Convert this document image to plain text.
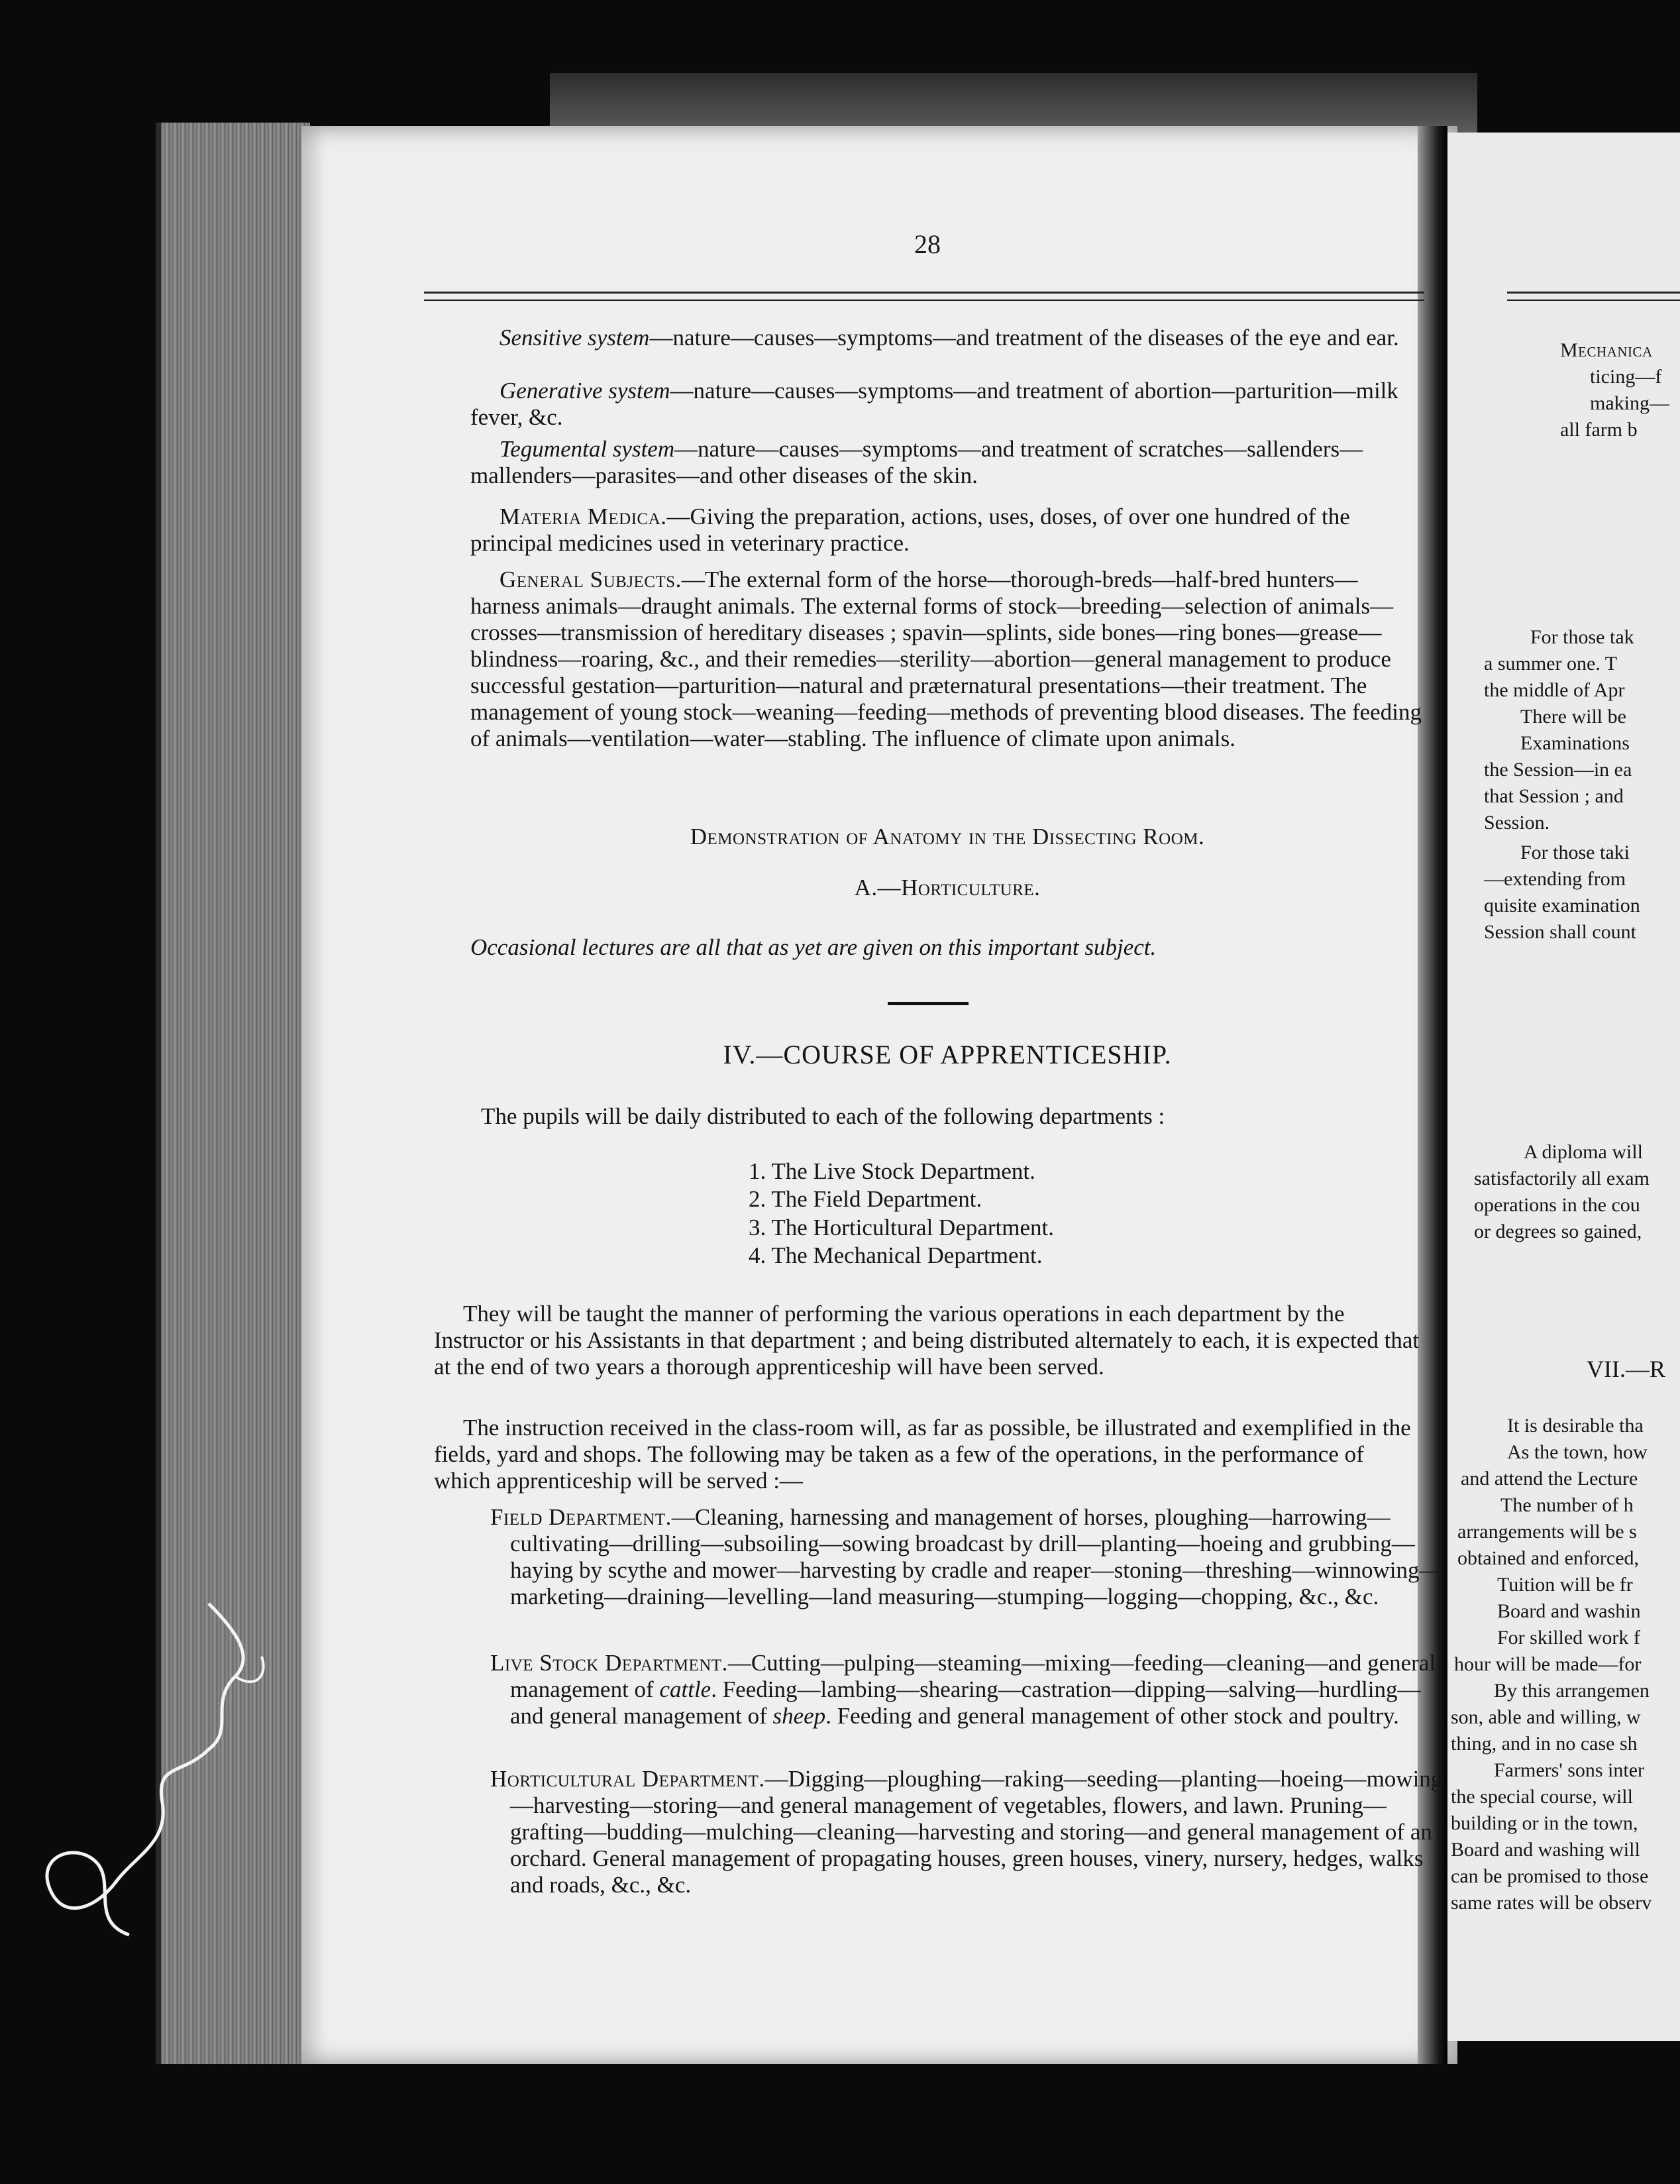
28
Sensitive system—nature—causes—symptoms—and treatment of the diseases of the eye and ear.
Generative system—nature—causes—symptoms—and treatment of abortion—parturition—milk fever, &c.
Tegumental system—nature—causes—symptoms—and treatment of scratches—sallenders—mallenders—parasites—and other diseases of the skin.
Materia Medica.—Giving the preparation, actions, uses, doses, of over one hundred of the principal medicines used in veterinary practice.
General Subjects.—The external form of the horse—thorough-breds—half-bred hunters—harness animals—draught animals. The external forms of stock—breeding—selection of animals—crosses—transmission of hereditary diseases ; spavin—splints, side bones—ring bones—grease—blindness—roaring, &c., and their remedies—sterility—abortion—general management to produce successful gestation—parturition—natural and præternatural presentations—their treatment. The management of young stock—weaning—feeding—methods of preventing blood diseases. The feeding of animals—ventilation—water—stabling. The influence of climate upon animals.
Demonstration of Anatomy in the Dissecting Room.
A.—Horticulture.
Occasional lectures are all that as yet are given on this important subject.
IV.—COURSE OF APPRENTICESHIP.
The pupils will be daily distributed to each of the following departments :
1. The Live Stock Department.
2. The Field Department.
3. The Horticultural Department.
4. The Mechanical Department.
They will be taught the manner of performing the various operations in each department by the Instructor or his Assistants in that department ; and being distributed alternately to each, it is expected that at the end of two years a thorough apprenticeship will have been served.
The instruction received in the class-room will, as far as possible, be illustrated and exemplified in the fields, yard and shops. The following may be taken as a few of the operations, in the performance of which apprenticeship will be served :—
Field Department.—Cleaning, harnessing and management of horses, ploughing—harrowing—cultivating—drilling—subsoiling—sowing broadcast by drill—planting—hoeing and grubbing—haying by scythe and mower—harvesting by cradle and reaper—stoning—threshing—winnowing—marketing—draining—levelling—land measuring—stumping—logging—chopping, &c., &c.
Live Stock Department.—Cutting—pulping—steaming—mixing—feeding—cleaning—and general management of cattle. Feeding—lambing—shearing—castration—dipping—salving—hurdling—and general management of sheep. Feeding and general management of other stock and poultry.
Horticultural Department.—Digging—ploughing—raking—seeding—planting—hoeing—mowing—harvesting—storing—and general management of vegetables, flowers, and lawn. Pruning—grafting—budding—mulching—cleaning—harvesting and storing—and general management of an orchard. General management of propagating houses, green houses, vinery, nursery, hedges, walks and roads, &c., &c.
Mechanica
ticing—f
making—
all farm b
For those tak
a summer one. T
the middle of Apr
There will be
Examinations
the Session—in ea
that Session ; and
Session.
For those taki
—extending from
quisite examination
Session shall count
A diploma will
satisfactorily all exam
operations in the cou
or degrees so gained,
VII.—R
It is desirable tha
As the town, how
and attend the Lecture
The number of h
arrangements will be s
obtained and enforced,
Tuition will be fr
Board and washin
For skilled work f
hour will be made—for
By this arrangemen
son, able and willing, w
thing, and in no case sh
Farmers' sons inter
the special course, will
building or in the town,
Board and washing will
can be promised to those
same rates will be observ
